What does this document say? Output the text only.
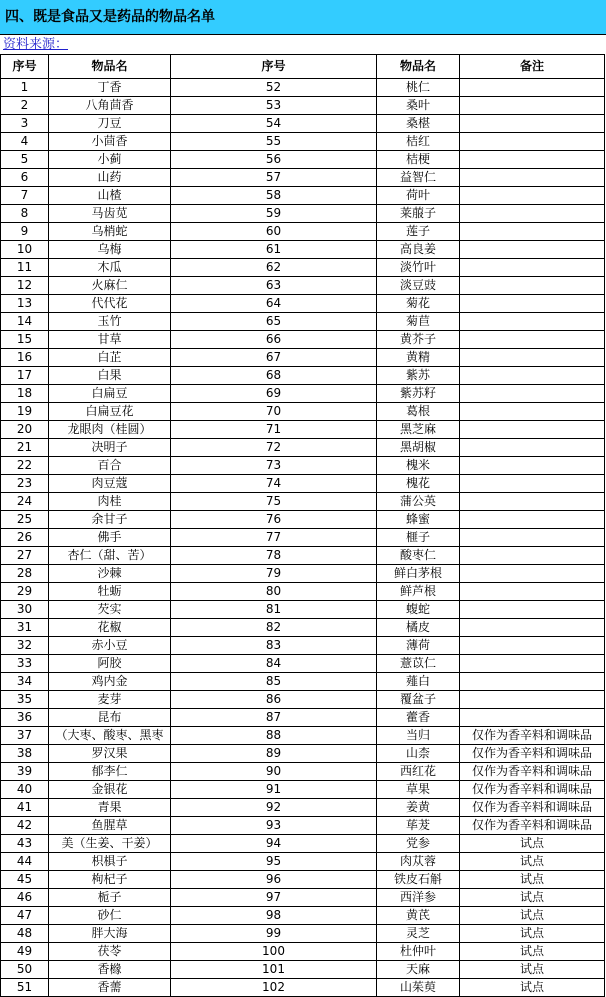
四、既是食品又是药品的物品名单
资料来源：
序号	物品名	序号	物品名	备注
1	丁香	52	桃仁	
2	八角茴香	53	桑叶	
3	刀豆	54	桑椹	
4	小茴香	55	桔红	
5	小蓟	56	桔梗	
6	山药	57	益智仁	
7	山楂	58	荷叶	
8	马齿苋	59	莱菔子	
9	乌梢蛇	60	莲子	
10	乌梅	61	高良姜	
11	木瓜	62	淡竹叶	
12	火麻仁	63	淡豆豉	
13	代代花	64	菊花	
14	玉竹	65	菊苣	
15	甘草	66	黄芥子	
16	白芷	67	黄精	
17	白果	68	紫苏	
18	白扁豆	69	紫苏籽	
19	白扁豆花	70	葛根	
20	龙眼肉（桂圆）	71	黑芝麻	
21	决明子	72	黑胡椒	
22	百合	73	槐米	
23	肉豆蔻	74	槐花	
24	肉桂	75	蒲公英	
25	余甘子	76	蜂蜜	
26	佛手	77	榧子	
27	杏仁（甜、苦）	78	酸枣仁	
28	沙棘	79	鲜白茅根	
29	牡蛎	80	鲜芦根	
30	芡实	81	蝮蛇	
31	花椒	82	橘皮	
32	赤小豆	83	薄荷	
33	阿胶	84	薏苡仁	
34	鸡内金	85	薤白	
35	麦芽	86	覆盆子	
36	昆布	87	藿香	
37	（大枣、酸枣、黑枣	88	当归	仅作为香辛料和调味品
38	罗汉果	89	山柰	仅作为香辛料和调味品
39	郁李仁	90	西红花	仅作为香辛料和调味品
40	金银花	91	草果	仅作为香辛料和调味品
41	青果	92	姜黄	仅作为香辛料和调味品
42	鱼腥草	93	荜茇	仅作为香辛料和调味品
43	美（生姜、干姜）	94	党参	试点
44	枳椇子	95	肉苁蓉	试点
45	枸杞子	96	铁皮石斛	试点
46	栀子	97	西洋参	试点
47	砂仁	98	黄芪	试点
48	胖大海	99	灵芝	试点
49	茯苓	100	杜仲叶	试点
50	香橼	101	天麻	试点
51	香薷	102	山茱萸	试点
